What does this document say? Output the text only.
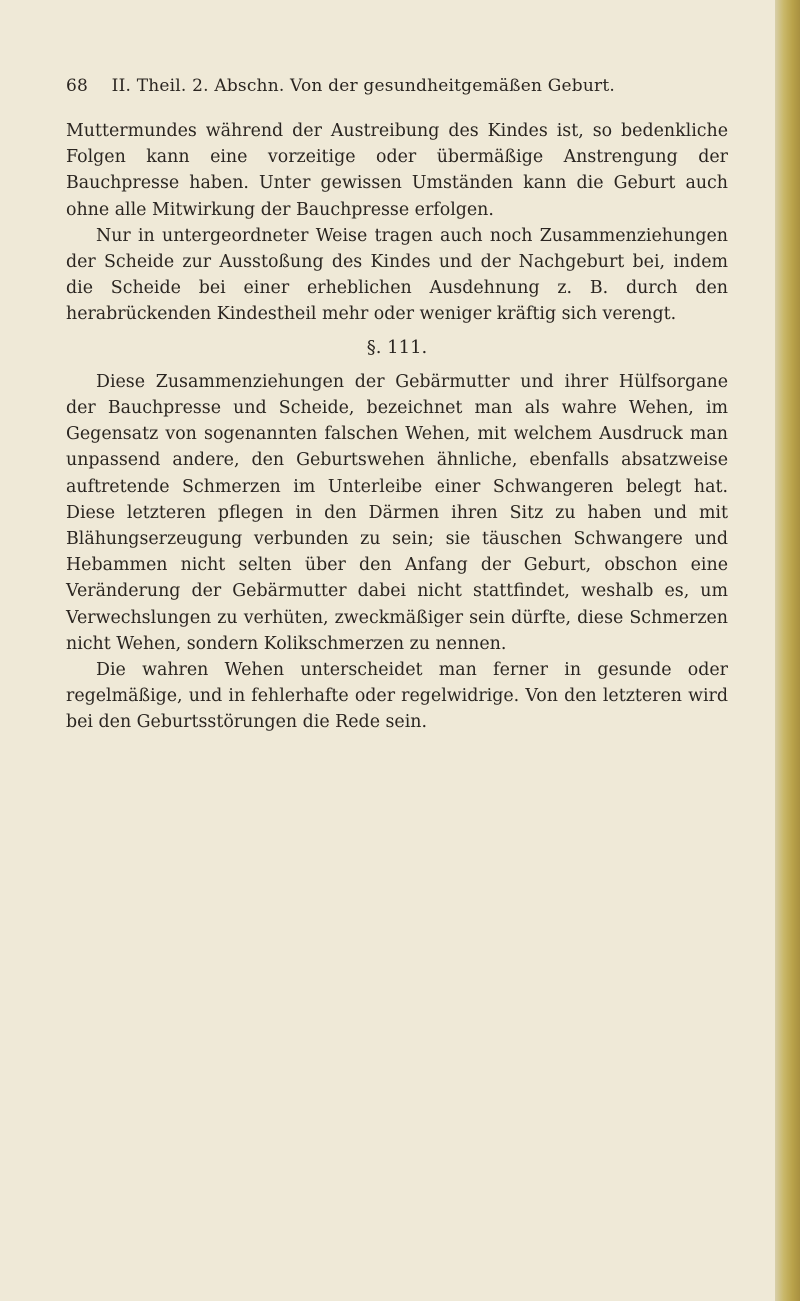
68 II. Theil. 2. Abschn. Von der gesundheitgemäßen Geburt.

Muttermundes während der Austreibung des Kindes ist, so bedenkliche Folgen kann eine vorzeitige oder übermäßige Anstrengung der Bauchpresse haben. Unter gewissen Umständen kann die Geburt auch ohne alle Mitwirkung der Bauchpresse erfolgen.

Nur in untergeordneter Weise tragen auch noch Zusammenziehungen der Scheide zur Ausstoßung des Kindes und der Nachgeburt bei, indem die Scheide bei einer erheblichen Ausdehnung z. B. durch den herabrückenden Kindestheil mehr oder weniger kräftig sich verengt.

§. 111.

Diese Zusammenziehungen der Gebärmutter und ihrer Hülfsorgane der Bauchpresse und Scheide, bezeichnet man als wahre Wehen, im Gegensatz von sogenannten falschen Wehen, mit welchem Ausdruck man unpassend andere, den Geburtswehen ähnliche, ebenfalls absatzweise auftretende Schmerzen im Unterleibe einer Schwangeren belegt hat. Diese letzteren pflegen in den Därmen ihren Sitz zu haben und mit Blähungserzeugung verbunden zu sein; sie täuschen Schwangere und Hebammen nicht selten über den Anfang der Geburt, obschon eine Veränderung der Gebärmutter dabei nicht stattfindet, weshalb es, um Verwechslungen zu verhüten, zweckmäßiger sein dürfte, diese Schmerzen nicht Wehen, sondern Kolikschmerzen zu nennen.

Die wahren Wehen unterscheidet man ferner in gesunde oder regelmäßige, und in fehlerhafte oder regelwidrige. Von den letzteren wird bei den Geburtsstörungen die Rede sein.
